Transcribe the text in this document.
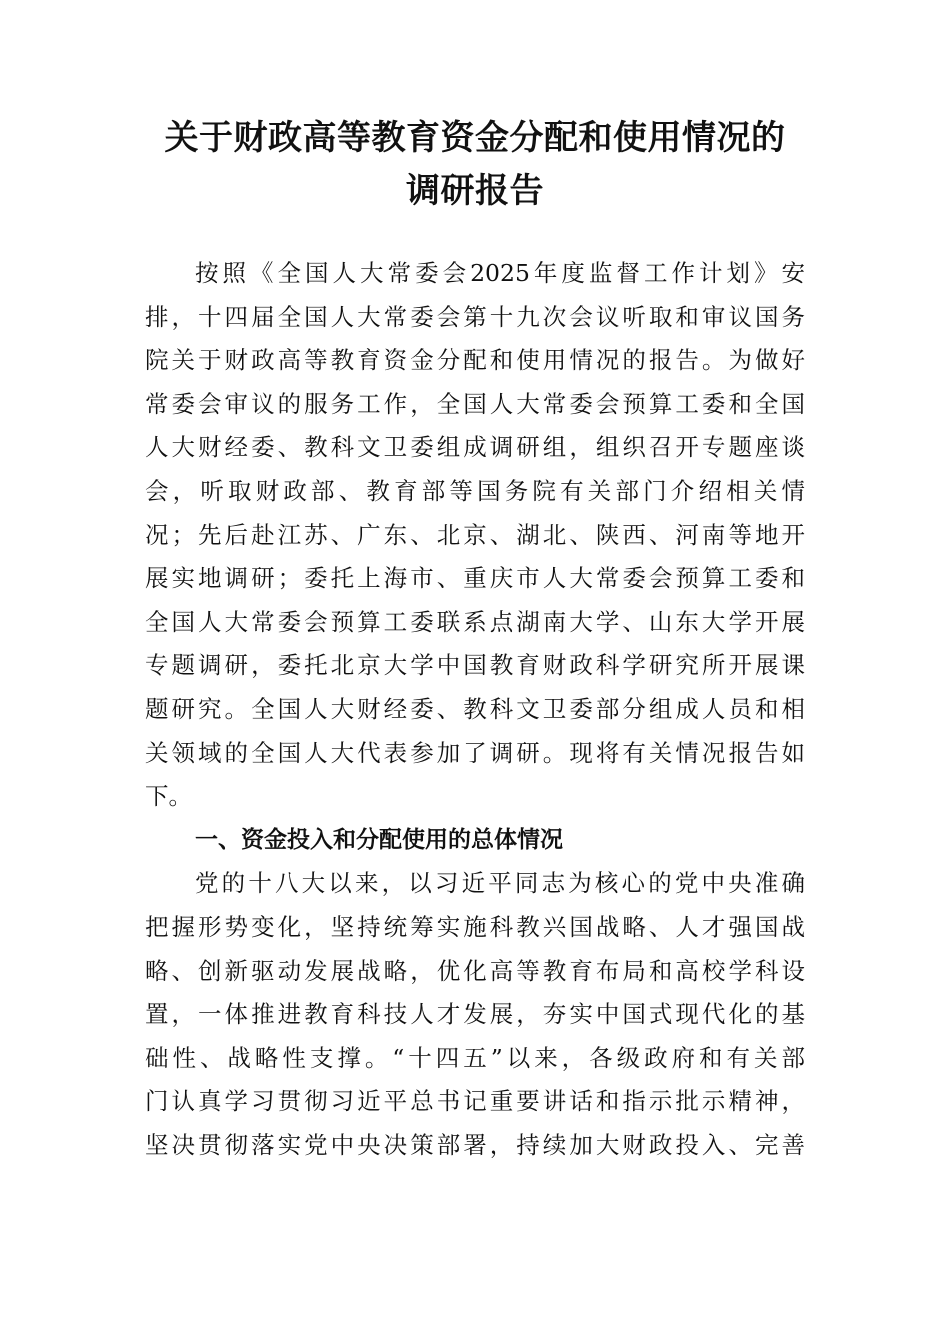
关于财政高等教育资金分配和使用情况的
调研报告
按照《全国人大常委会2025年度监督工作计划》安
排，十四届全国人大常委会第十九次会议听取和审议国务
院关于财政高等教育资金分配和使用情况的报告。为做好
常委会审议的服务工作，全国人大常委会预算工委和全国
人大财经委、教科文卫委组成调研组，组织召开专题座谈
会，听取财政部、教育部等国务院有关部门介绍相关情
况；先后赴江苏、广东、北京、湖北、陕西、河南等地开
展实地调研；委托上海市、重庆市人大常委会预算工委和
全国人大常委会预算工委联系点湖南大学、山东大学开展
专题调研，委托北京大学中国教育财政科学研究所开展课
题研究。全国人大财经委、教科文卫委部分组成人员和相
关领域的全国人大代表参加了调研。现将有关情况报告如
下。
一、资金投入和分配使用的总体情况
党的十八大以来，以习近平同志为核心的党中央准确
把握形势变化，坚持统筹实施科教兴国战略、人才强国战
略、创新驱动发展战略，优化高等教育布局和高校学科设
置，一体推进教育科技人才发展，夯实中国式现代化的基
础性、战略性支撑。“十四五”以来，各级政府和有关部
门认真学习贯彻习近平总书记重要讲话和指示批示精神，
坚决贯彻落实党中央决策部署，持续加大财政投入、完善
